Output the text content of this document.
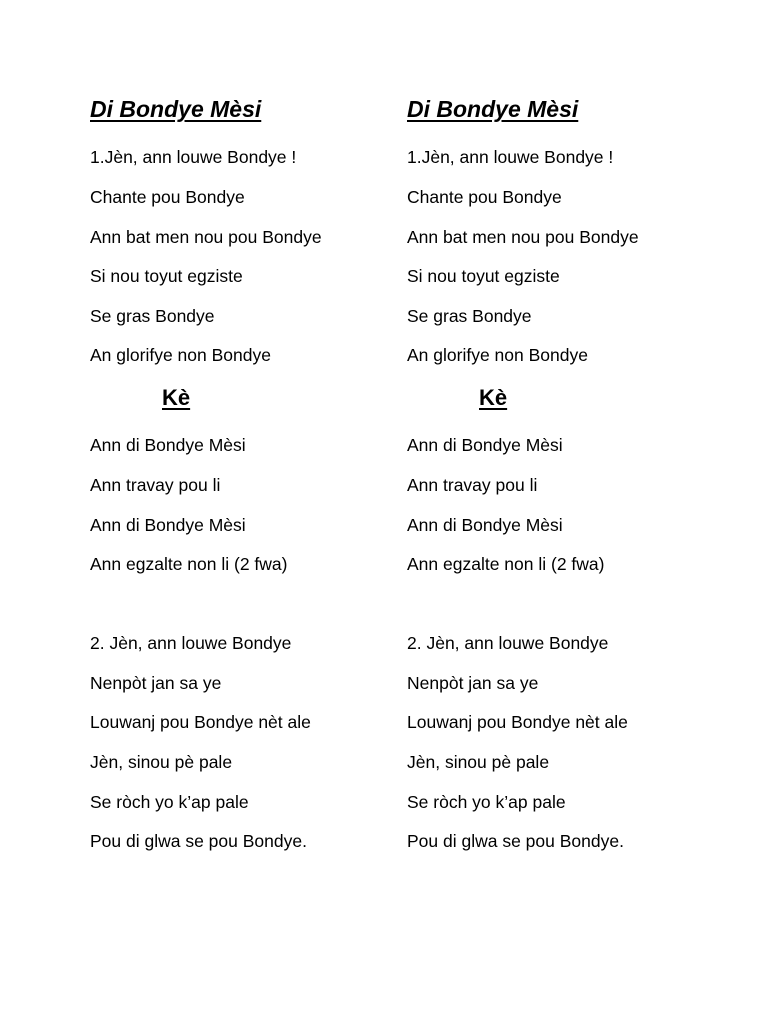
Di Bondye Mèsi
1.Jèn, ann louwe Bondye !
Chante pou Bondye
Ann bat men nou pou Bondye
Si nou toyut egziste
Se gras Bondye
An glorifye non Bondye
Kè
Ann di Bondye Mèsi
Ann travay pou li
Ann di Bondye Mèsi
Ann egzalte non li (2 fwa)
2. Jèn, ann louwe Bondye
Nenpòt jan sa ye
Louwanj pou Bondye nèt ale
Jèn, sinou pè pale
Se ròch yo k’ap pale
Pou di glwa se pou Bondye.
Di Bondye Mèsi
1.Jèn, ann louwe Bondye !
Chante pou Bondye
Ann bat men nou pou Bondye
Si nou toyut egziste
Se gras Bondye
An glorifye non Bondye
Kè
Ann di Bondye Mèsi
Ann travay pou li
Ann di Bondye Mèsi
Ann egzalte non li (2 fwa)
2. Jèn, ann louwe Bondye
Nenpòt jan sa ye
Louwanj pou Bondye nèt ale
Jèn, sinou pè pale
Se ròch yo k’ap pale
Pou di glwa se pou Bondye.
